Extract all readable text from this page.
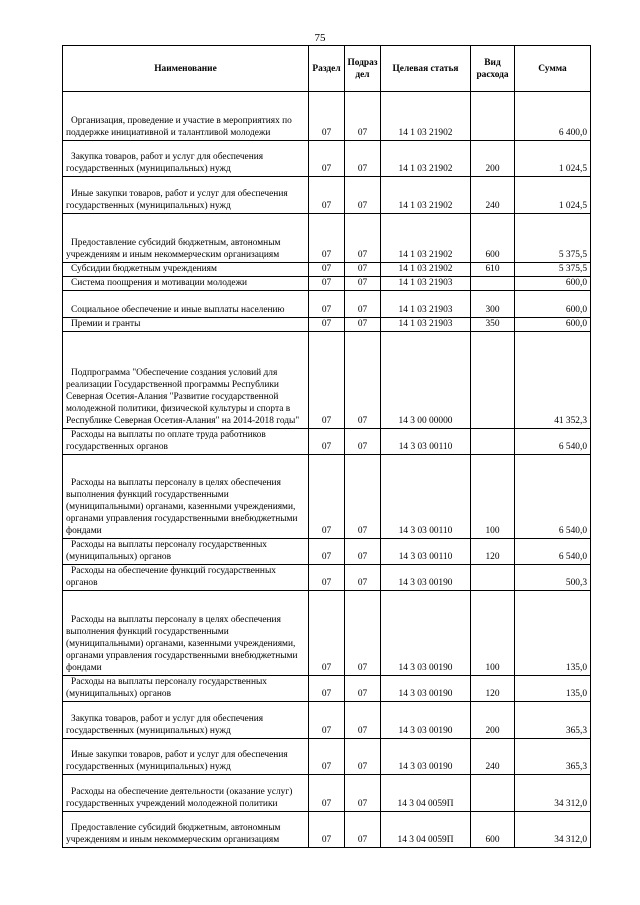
75
Наименование	Раздел	Подраз дел	Целевая статья	Вид расхода	Сумма
Организация, проведение и участие в мероприятиях по поддержке инициативной и талантливой молодежи	07	07	14 1 03 21902		6 400,0
Закупка товаров, работ и услуг для обеспечения государственных (муниципальных) нужд	07	07	14 1 03 21902	200	1 024,5
Иные закупки товаров, работ и услуг для обеспечения государственных (муниципальных) нужд	07	07	14 1 03 21902	240	1 024,5
Предоставление субсидий бюджетным, автономным учреждениям и иным некоммерческим организациям	07	07	14 1 03 21902	600	5 375,5
Субсидии бюджетным учреждениям	07	07	14 1 03 21902	610	5 375,5
Система поощрения и мотивации молодежи	07	07	14 1 03 21903		600,0
Социальное обеспечение и иные выплаты населению	07	07	14 1 03 21903	300	600,0
Премии и гранты	07	07	14 1 03 21903	350	600,0
Подпрограмма "Обеспечение создания условий для реализации Государственной программы Республики Северная Осетия-Алания "Развитие государственной молодежной политики, физической культуры и спорта в Республике Северная Осетия-Алания" на 2014-2018 годы"	07	07	14 3 00 00000		41 352,3
Расходы на выплаты по оплате труда работников государственных органов	07	07	14 3 03 00110		6 540,0
Расходы на выплаты персоналу в целях обеспечения выполнения функций государственными (муниципальными) органами, казенными учреждениями, органами управления государственными внебюджетными фондами	07	07	14 3 03 00110	100	6 540,0
Расходы на выплаты персоналу государственных (муниципальных) органов	07	07	14 3 03 00110	120	6 540,0
Расходы на обеспечение функций государственных органов	07	07	14 3 03 00190		500,3
Расходы на выплаты персоналу в целях обеспечения выполнения функций государственными (муниципальными) органами, казенными учреждениями, органами управления государственными внебюджетными фондами	07	07	14 3 03 00190	100	135,0
Расходы на выплаты персоналу государственных (муниципальных) органов	07	07	14 3 03 00190	120	135,0
Закупка товаров, работ и услуг для обеспечения государственных (муниципальных) нужд	07	07	14 3 03 00190	200	365,3
Иные закупки товаров, работ и услуг для обеспечения государственных (муниципальных) нужд	07	07	14 3 03 00190	240	365,3
Расходы на обеспечение деятельности (оказание услуг) государственных учреждений молодежной политики	07	07	14 3 04 0059П		34 312,0
Предоставление субсидий бюджетным, автономным учреждениям и иным некоммерческим организациям	07	07	14 3 04 0059П	600	34 312,0
